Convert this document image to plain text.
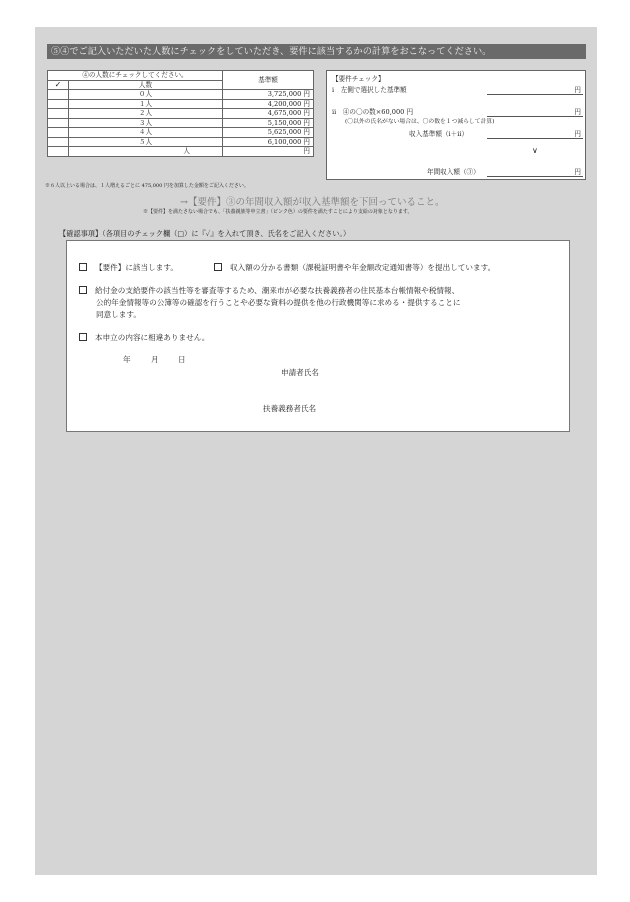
⑤④でご記入いただいた人数にチェックをしていただき、要件に該当するかの計算をおこなってください。
④の人数にチェックしてください。		基準額
✓	人数	
	０人	3,725,000 円
	１人	4,200,000 円
	２人	4,675,000 円
	３人	5,150,000 円
	４人	5,625,000 円
	５人	6,100,000 円
	人	円
※６人以上いる場合は、１人増えるごとに 475,000 円を加算した金額をご記入ください。
【要件チェック】
ⅰ　左側で選択した基準額	円
ⅱ　④の〇の数×60,000 円	円
(〇以外の氏名がない場合は、〇の数を１つ減らして計算)
収入基準額（ⅰ＋ⅱ）	円
∨
年間収入額（③）	円
→【要件】③の年間収入額が収入基準額を下回っていること。
※【要件】を満たさない場合でも、「扶養親族等申立書」（ピンク色）の要件を満たすことにより支給の対象となります。
【確認事項】（各項目のチェック欄（□）に『✓』を入れて頂き、氏名をご記入ください。）
【要件】に該当します。	収入額の分かる書類（課税証明書や年金額改定通知書等）を提出しています。
給付金の支給要件の該当性等を審査等するため、潮来市が必要な扶養義務者の住民基本台帳情報や税情報、
公的年金情報等の公簿等の確認を行うことや必要な資料の提供を他の行政機関等に求める・提供することに
同意します。
本申立の内容に相違ありません。
年	月	日
申請者氏名
扶養義務者氏名
